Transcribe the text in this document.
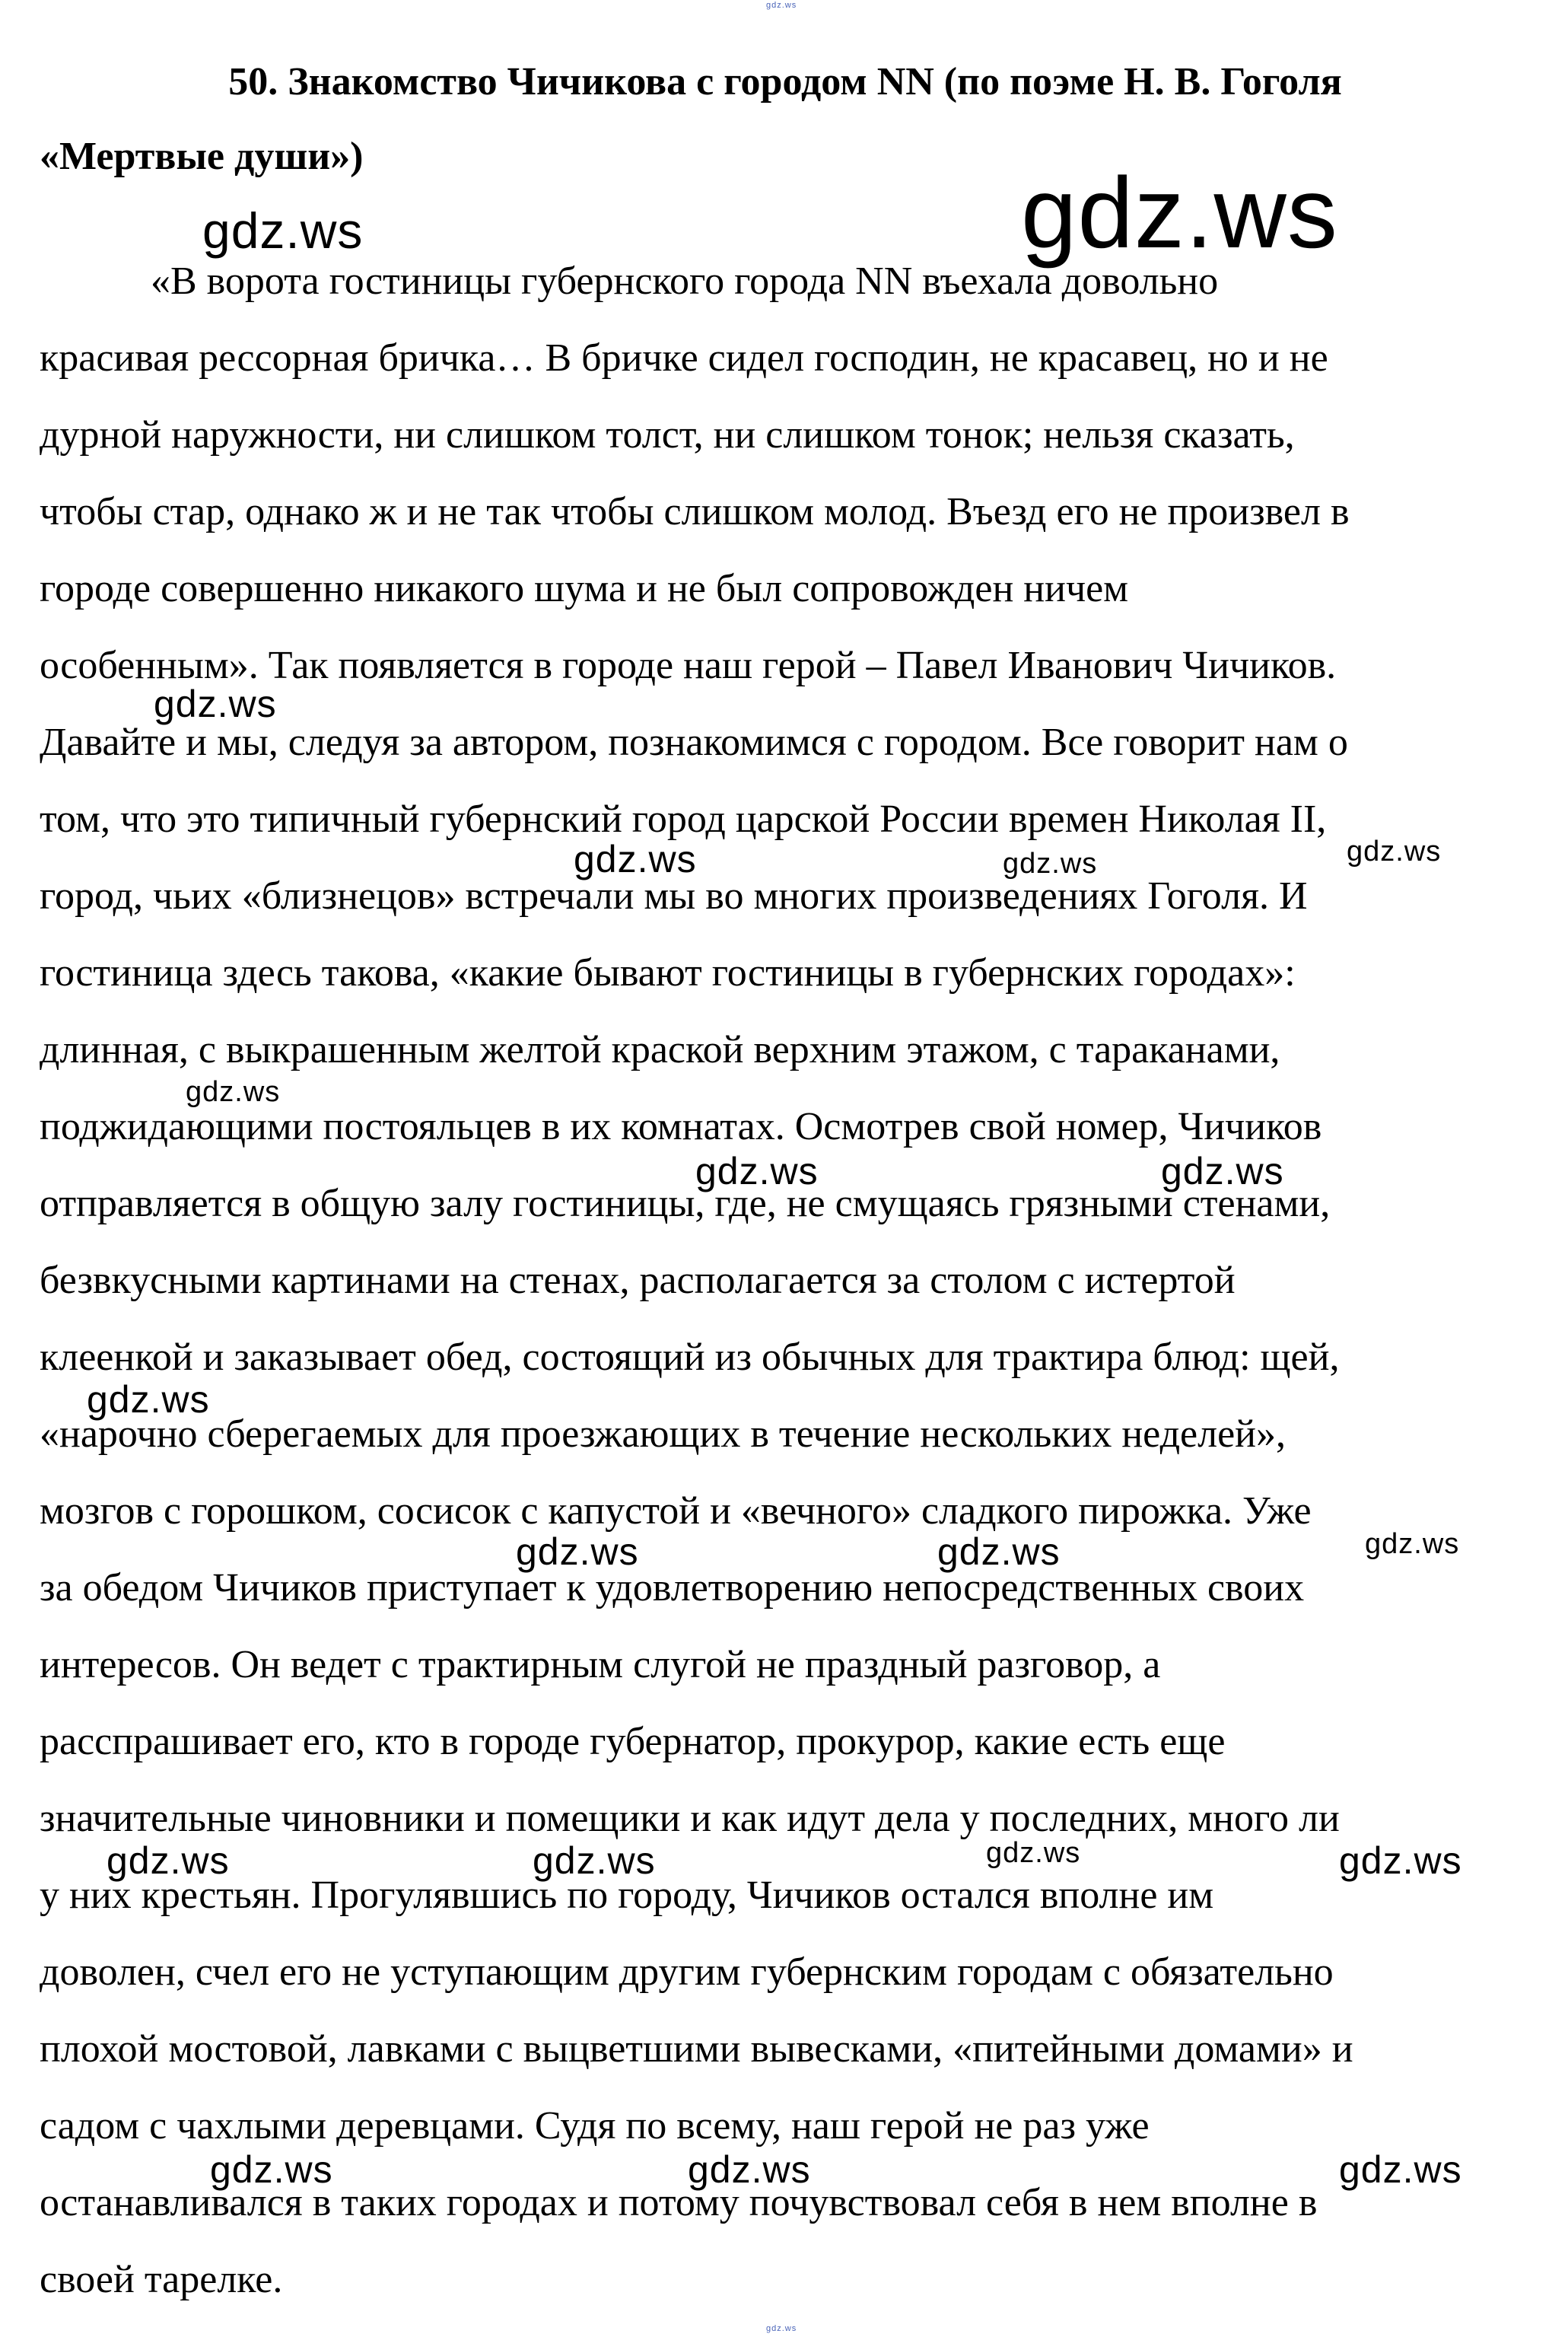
gdz.ws
50. Знакомство Чичикова с городом NN (по поэме Н. В. Гоголя
«Мертвые души»)
«В ворота гостиницы губернского города NN въехала довольно
красивая рессорная бричка… В бричке сидел господин, не красавец, но и не
дурной наружности, ни слишком толст, ни слишком тонок; нельзя сказать,
чтобы стар, однако ж и не так чтобы слишком молод. Въезд его не произвел в
городе совершенно никакого шума и не был сопровожден ничем
особенным». Так появляется в городе наш герой – Павел Иванович Чичиков.
Давайте и мы, следуя за автором, познакомимся с городом. Все говорит нам о
том, что это типичный губернский город царской России времен Николая II,
город, чьих «близнецов» встречали мы во многих произведениях Гоголя. И
гостиница здесь такова, «какие бывают гостиницы в губернских городах»:
длинная, с выкрашенным желтой краской верхним этажом, с тараканами,
поджидающими постояльцев в их комнатах. Осмотрев свой номер, Чичиков
отправляется в общую залу гостиницы, где, не смущаясь грязными стенами,
безвкусными картинами на стенах, располагается за столом с истертой
клеенкой и заказывает обед, состоящий из обычных для трактира блюд: щей,
«нарочно сберегаемых для проезжающих в течение нескольких неделей»,
мозгов с горошком, сосисок с капустой и «вечного» сладкого пирожка. Уже
за обедом Чичиков приступает к удовлетворению непосредственных своих
интересов. Он ведет с трактирным слугой не праздный разговор, а
расспрашивает его, кто в городе губернатор, прокурор, какие есть еще
значительные чиновники и помещики и как идут дела у последних, много ли
у них крестьян. Прогулявшись по городу, Чичиков остался вполне им
доволен, счел его не уступающим другим губернским городам с обязательно
плохой мостовой, лавками с выцветшими вывесками, «питейными домами» и
садом с чахлыми деревцами. Судя по всему, наш герой не раз уже
останавливался в таких городах и потому почувствовал себя в нем вполне в
своей тарелке.
gdz.ws
gdz.ws
gdz.ws
gdz.ws	gdz.ws	gdz.ws
gdz.ws
gdz.ws	gdz.ws
gdz.ws
gdz.ws	gdz.ws	gdz.ws
gdz.ws	gdz.ws	gdz.ws	gdz.ws
gdz.ws	gdz.ws	gdz.ws
gdz.ws
